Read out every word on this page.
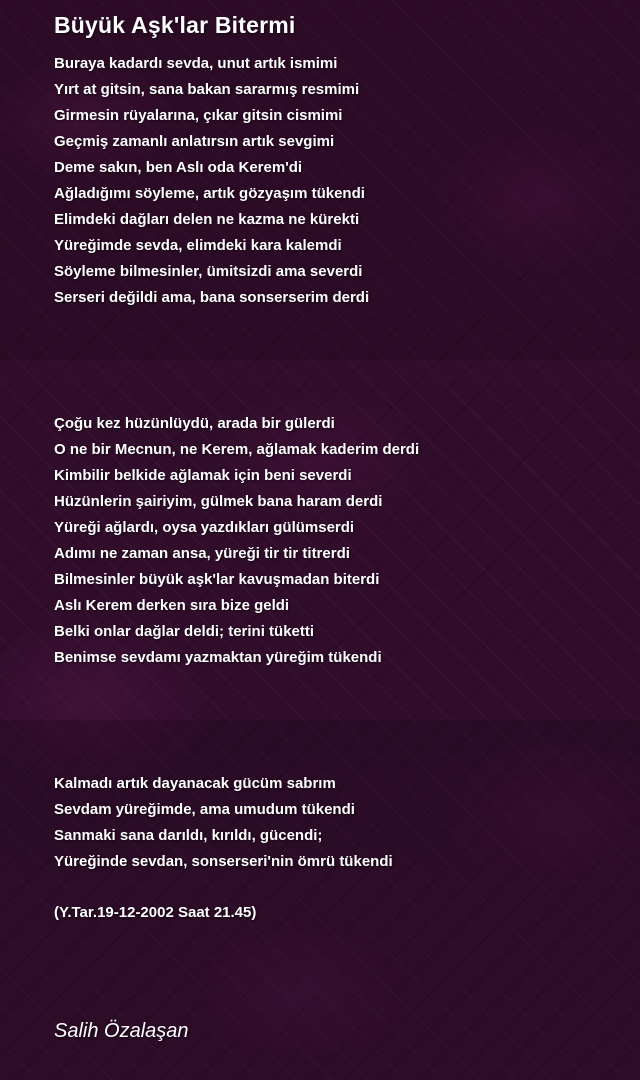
Büyük Aşk'lar Bitermi
Buraya kadardı sevda, unut artık ismimi
Yırt at gitsin, sana bakan sararmış resmimi
Girmesin rüyalarına, çıkar gitsin cismimi
Geçmiş zamanlı anlatırsın artık sevgimi
Deme sakın, ben Aslı oda Kerem'di
Ağladığımı söyleme, artık gözyaşım tükendi
Elimdeki dağları delen ne kazma ne kürekti
Yüreğimde sevda, elimdeki kara kalemdi
Söyleme bilmesinler, ümitsizdi ama severdi
Serseri değildi ama, bana sonserserim derdi
Çoğu kez hüzünlüydü, arada bir gülerdi
O ne bir Mecnun, ne Kerem, ağlamak kaderim derdi
Kimbilir belkide ağlamak için beni severdi
Hüzünlerin şairiyim, gülmek bana haram derdi
Yüreği ağlardı, oysa yazdıkları gülümserdi
Adımı ne zaman ansa, yüreği tir tir titrerdi
Bilmesinler büyük aşk'lar kavuşmadan biterdi
Aslı Kerem derken sıra bize geldi
Belki onlar dağlar deldi; terini tüketti
Benimse sevdamı yazmaktan yüreğim tükendi
Kalmadı artık dayanacak gücüm sabrım
Sevdam yüreğimde, ama umudum tükendi
Sanmaki sana darıldı, kırıldı, gücendi;
Yüreğinde sevdan, sonserseri'nin ömrü tükendi
(Y.Tar.19-12-2002 Saat 21.45)
Salih Özalaşan
